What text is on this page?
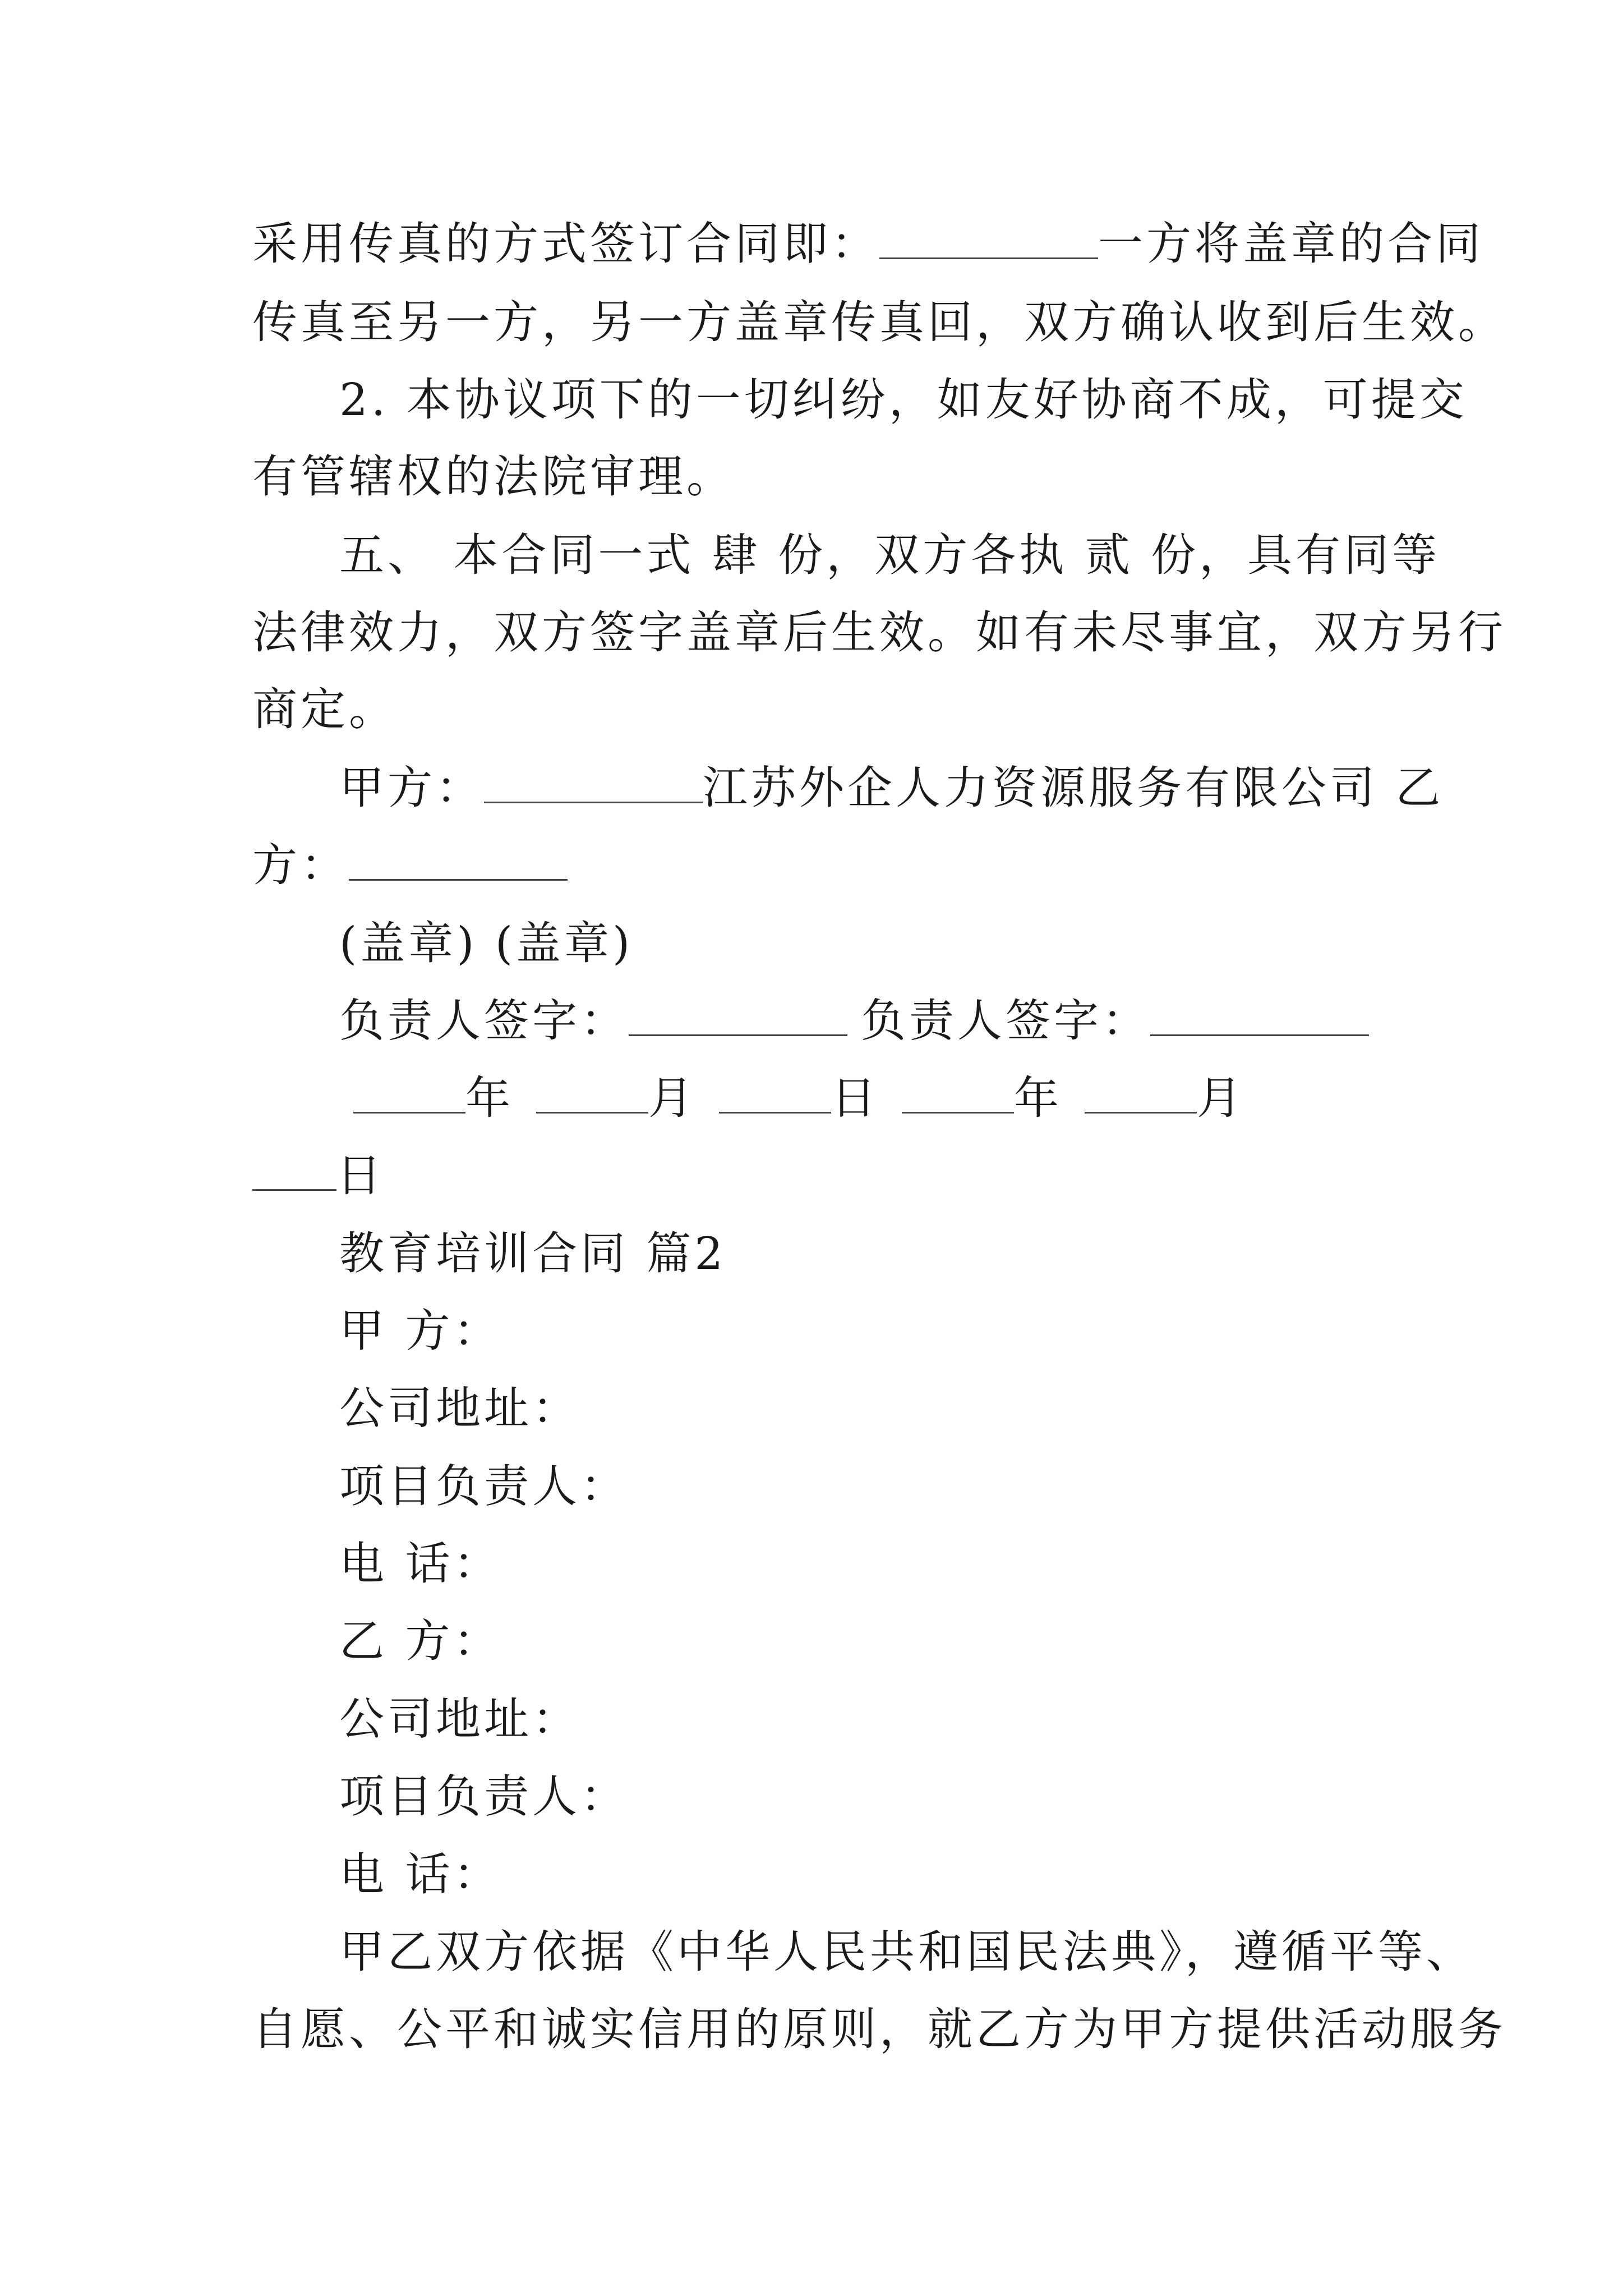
采用传真的方式签订合同即：	一方将盖章的合同
传真至另一方，另一方盖章传真回，双方确认收到后生效。
2. 本协议项下的一切纠纷，如友好协商不成，可提交
有管辖权的法院审理。
五、 本合同一式 肆 份，双方各执 贰 份，具有同等
法律效力，双方签字盖章后生效。如有未尽事宜，双方另行
商定。
甲方：	江苏外企人力资源服务有限公司 乙
方：
(盖章) (盖章)
负责人签字：	负责人签字：
年	月	日	年	月
日
教育培训合同 篇2
甲 方：
公司地址：
项目负责人：
电 话：
乙 方：
公司地址：
项目负责人：
电 话：
甲乙双方依据《中华人民共和国民法典》，遵循平等、
自愿、公平和诚实信用的原则，就乙方为甲方提供活动服务
